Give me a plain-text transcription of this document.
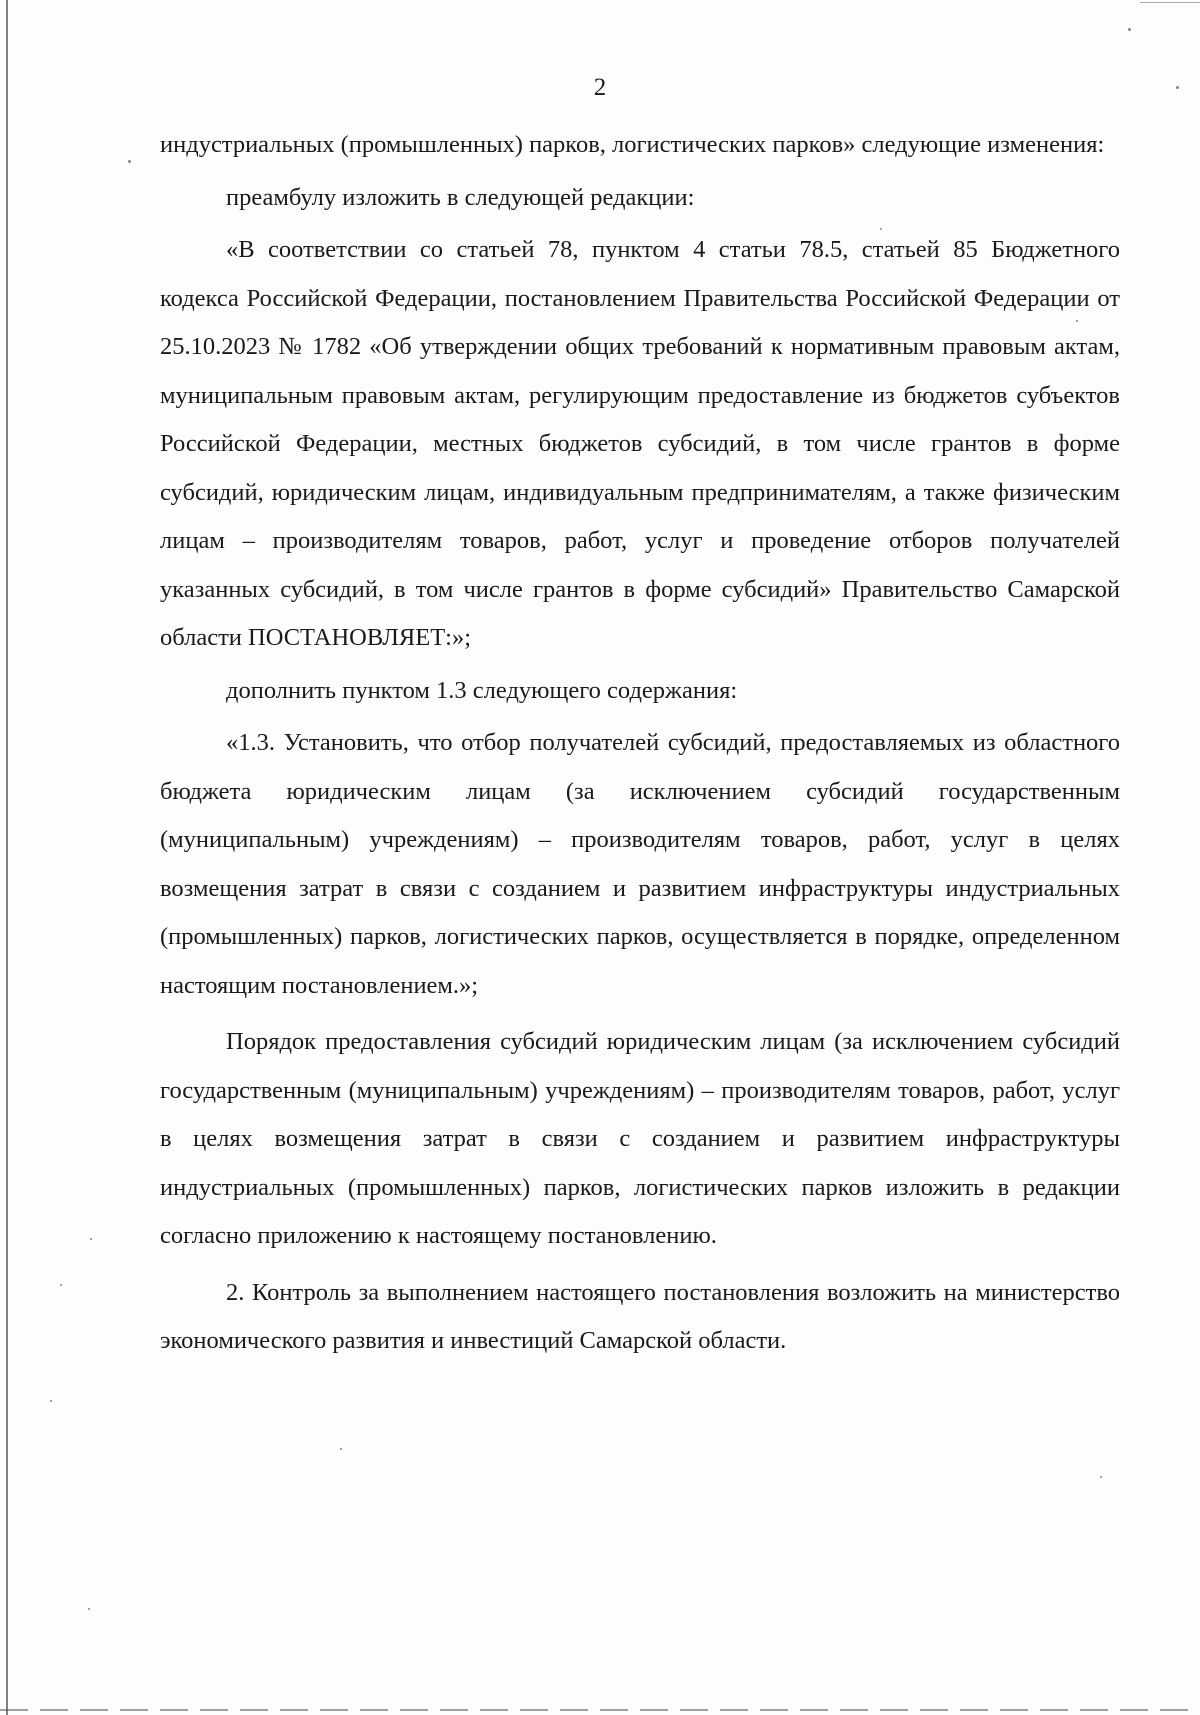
2

индустриальных (промышленных) парков, логистических парков» следующие изменения:

преамбулу изложить в следующей редакции:

«В соответствии со статьей 78, пунктом 4 статьи 78.5, статьей 85 Бюджетного кодекса Российской Федерации, постановлением Правительства Российской Федерации от 25.10.2023 № 1782 «Об утверждении общих требований к нормативным правовым актам, муниципальным правовым актам, регулирующим предоставление из бюджетов субъектов Российской Федерации, местных бюджетов субсидий, в том числе грантов в форме субсидий, юридическим лицам, индивидуальным предпринимателям, а также физическим лицам – производителям товаров, работ, услуг и проведение отборов получателей указанных субсидий, в том числе грантов в форме субсидий» Правительство Самарской области ПОСТАНОВЛЯЕТ:»;

дополнить пунктом 1.3 следующего содержания:

«1.3. Установить, что отбор получателей субсидий, предоставляемых из областного бюджета юридическим лицам (за исключением субсидий государственным (муниципальным) учреждениям) – производителям товаров, работ, услуг в целях возмещения затрат в связи с созданием и развитием инфраструктуры индустриальных (промышленных) парков, логистических парков, осуществляется в порядке, определенном настоящим постановлением.»;

Порядок предоставления субсидий юридическим лицам (за исключением субсидий государственным (муниципальным) учреждениям) – производителям товаров, работ, услуг в целях возмещения затрат в связи с созданием и развитием инфраструктуры индустриальных (промышленных) парков, логистических парков изложить в редакции согласно приложению к настоящему постановлению.

2. Контроль за выполнением настоящего постановления возложить на министерство экономического развития и инвестиций Самарской области.
